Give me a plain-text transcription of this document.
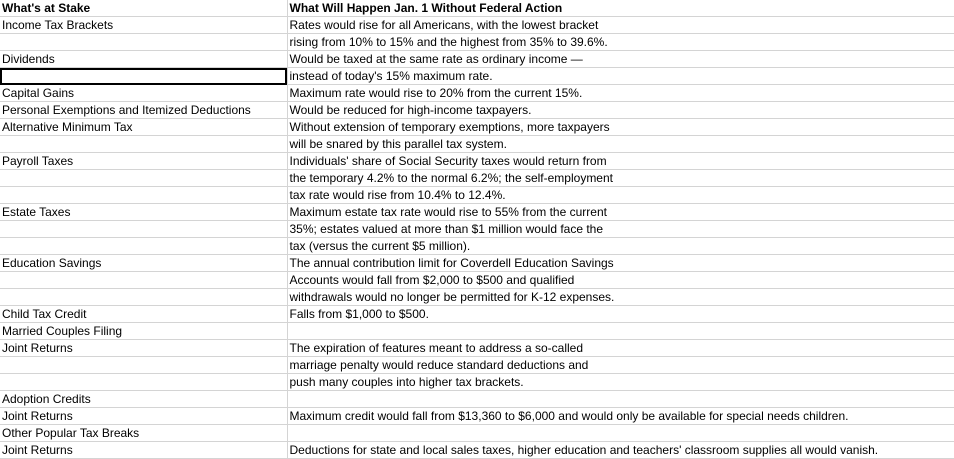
What's at Stake	What Will Happen Jan. 1 Without Federal Action
Income Tax Brackets	Rates would rise for all Americans, with the lowest bracket
	rising from 10% to 15% and the highest from 35% to 39.6%.
Dividends	Would be taxed at the same rate as ordinary income —
	instead of today's 15% maximum rate.
Capital Gains	Maximum rate would rise to 20% from the current 15%.
Personal Exemptions and Itemized Deductions	Would be reduced for high-income taxpayers.
Alternative Minimum Tax	Without extension of temporary exemptions, more taxpayers
	will be snared by this parallel tax system.
Payroll Taxes	Individuals' share of Social Security taxes would return from
	the temporary 4.2% to the normal 6.2%; the self-employment
	tax rate would rise from 10.4% to 12.4%.
Estate Taxes	Maximum estate tax rate would rise to 55% from the current
	35%; estates valued at more than $1 million would face the
	tax (versus the current $5 million).
Education Savings	The annual contribution limit for Coverdell Education Savings
	Accounts would fall from $2,000 to $500 and qualified
	withdrawals would no longer be permitted for K-12 expenses.
Child Tax Credit	Falls from $1,000 to $500.
Married Couples Filing	
Joint Returns	The expiration of features meant to address a so-called
	marriage penalty would reduce standard deductions and
	push many couples into higher tax brackets.
Adoption Credits	
Joint Returns	Maximum credit would fall from $13,360 to $6,000 and would only be available for special needs children.
Other Popular Tax Breaks	
Joint Returns	Deductions for state and local sales taxes, higher education and teachers' classroom supplies all would vanish.
